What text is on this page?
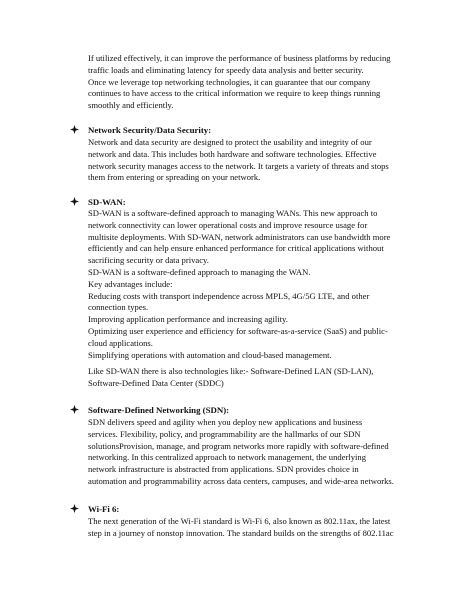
If utilized effectively, it can improve the performance of business platforms by reducing
traffic loads and eliminating latency for speedy data analysis and better security.
Once we leverage top networking technologies, it can guarantee that our company
continues to have access to the critical information we require to keep things running
smoothly and efficiently.
Network Security/Data Security:
Network and data security are designed to protect the usability and integrity of our
network and data. This includes both hardware and software technologies. Effective
network security manages access to the network. It targets a variety of threats and stops
them from entering or spreading on your network.
SD-WAN:
SD-WAN is a software-defined approach to managing WANs. This new approach to
network connectivity can lower operational costs and improve resource usage for
multisite deployments. With SD-WAN, network administrators can use bandwidth more
efficiently and can help ensure enhanced performance for critical applications without
sacrificing security or data privacy.
SD-WAN is a software-defined approach to managing the WAN.
Key advantages include:
Reducing costs with transport independence across MPLS, 4G/5G LTE, and other
connection types.
Improving application performance and increasing agility.
Optimizing user experience and efficiency for software-as-a-service (SaaS) and public-
cloud applications.
Simplifying operations with automation and cloud-based management.
Like SD-WAN there is also technologies like:- Software-Defined LAN (SD-LAN),
Software-Defined Data Center (SDDC)
Software-Defined Networking (SDN):
SDN delivers speed and agility when you deploy new applications and business
services. Flexibility, policy, and programmability are the hallmarks of our SDN
solutionsProvision, manage, and program networks more rapidly with software-defined
networking. In this centralized approach to network management, the underlying
network infrastructure is abstracted from applications. SDN provides choice in
automation and programmability across data centers, campuses, and wide-area networks.
Wi-Fi 6:
The next generation of the Wi-Fi standard is Wi-Fi 6, also known as 802.11ax, the latest
step in a journey of nonstop innovation. The standard builds on the strengths of 802.11ac
